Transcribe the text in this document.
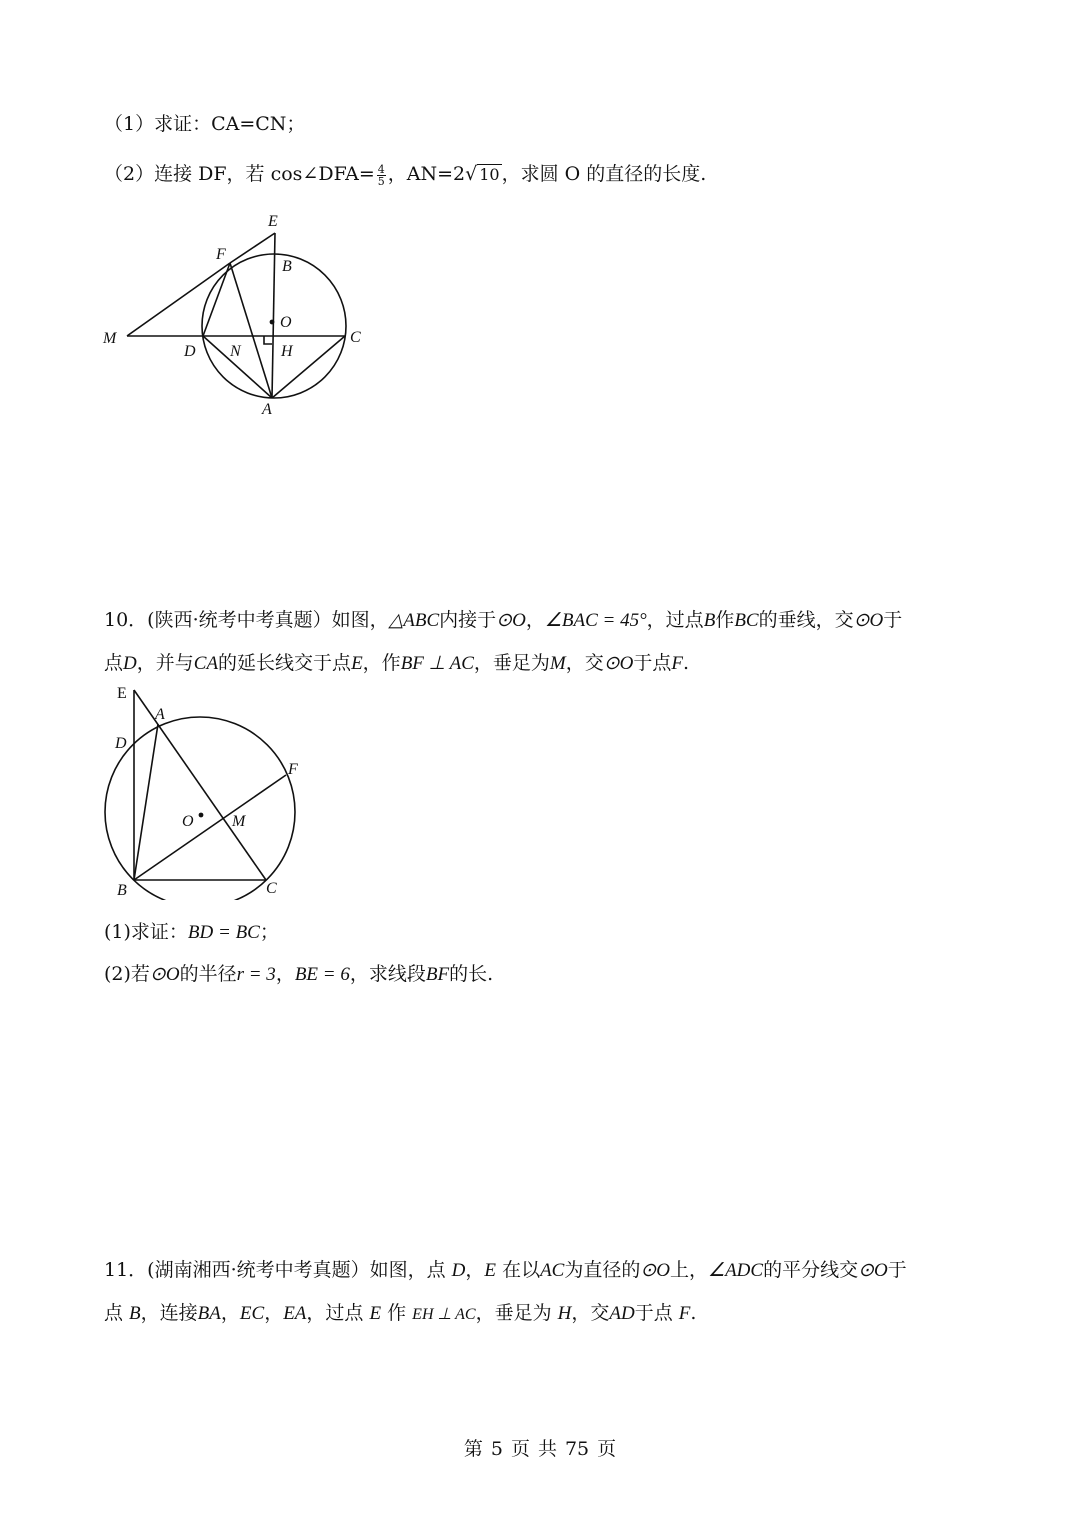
（1）求证：CA=CN；
（2）连接 DF，若 cos∠DFA= $\frac{4}{5}$ ，AN=2√ 10 ，求圆 O 的直径的长度.
E
F
B
O
M
D N	H
C
A
10．(陕西·统考中考真题）如图，△ABC内接于⊙O，∠BAC = 45°，过点B作BC的垂线，交⊙O于
点D，并与CA的延长线交于点E，作BF ⊥ AC，垂足为M，交⊙O于点F.
E
A
D
F
O M
B	C
(1)求证：BD = BC；
(2)若⊙O的半径r = 3，BE = 6，求线段BF的长.
11．(湖南湘西·统考中考真题）如图，点 D，E 在以AC为直径的⊙O上，∠ADC的平分线交⊙O于
点 B，连接BA，EC，EA，过点 E 作 EH ⊥ AC，垂足为 H，交AD于点 F.
第 5 页 共 75 页
